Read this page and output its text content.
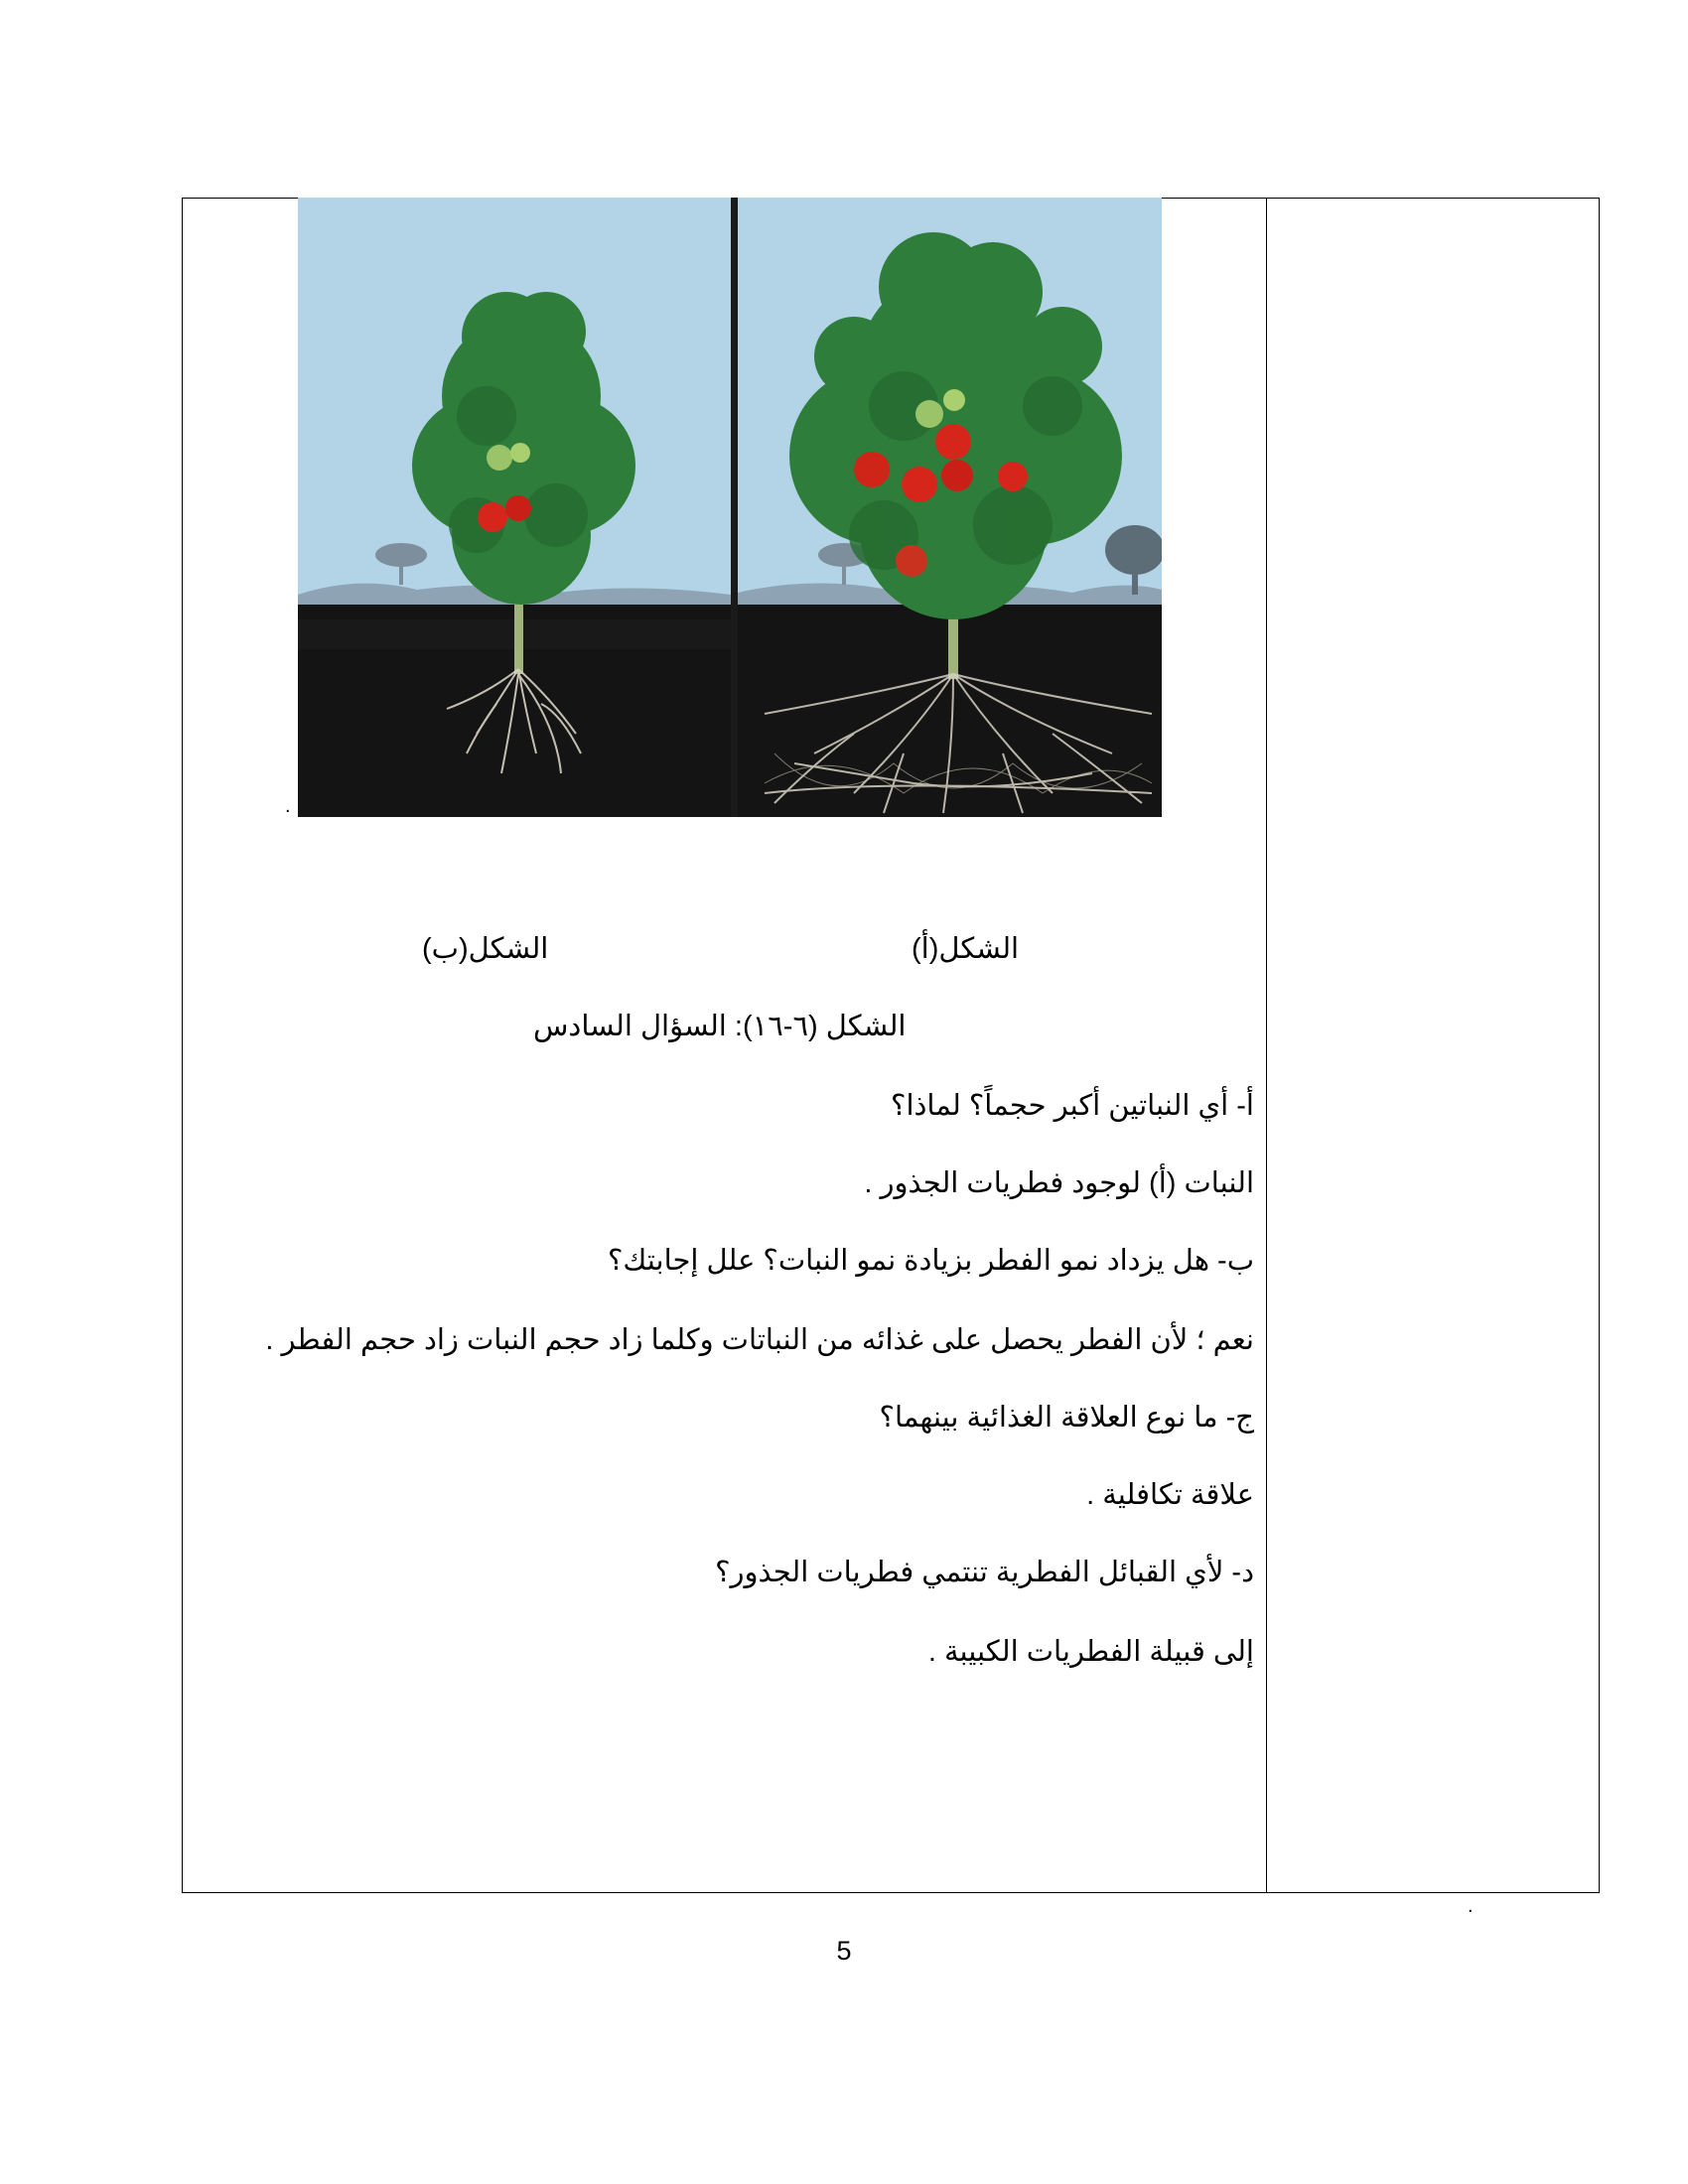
.
الشكل(ب)	الشكل(أ)
الشكل (٦-١٦): السؤال السادس
أ- أي النباتين أكبر حجماً؟ لماذا؟
النبات (أ) لوجود فطريات الجذور .
ب- هل يزداد نمو الفطر بزيادة نمو النبات؟ علل إجابتك؟
نعم ؛ لأن الفطر يحصل على غذائه من النباتات وكلما زاد حجم النبات زاد حجم الفطر .
ج- ما نوع العلاقة الغذائية بينهما؟
علاقة تكافلية .
د- لأي القبائل الفطرية تنتمي فطريات الجذور؟
إلى قبيلة الفطريات الكبيبة .
.
5
